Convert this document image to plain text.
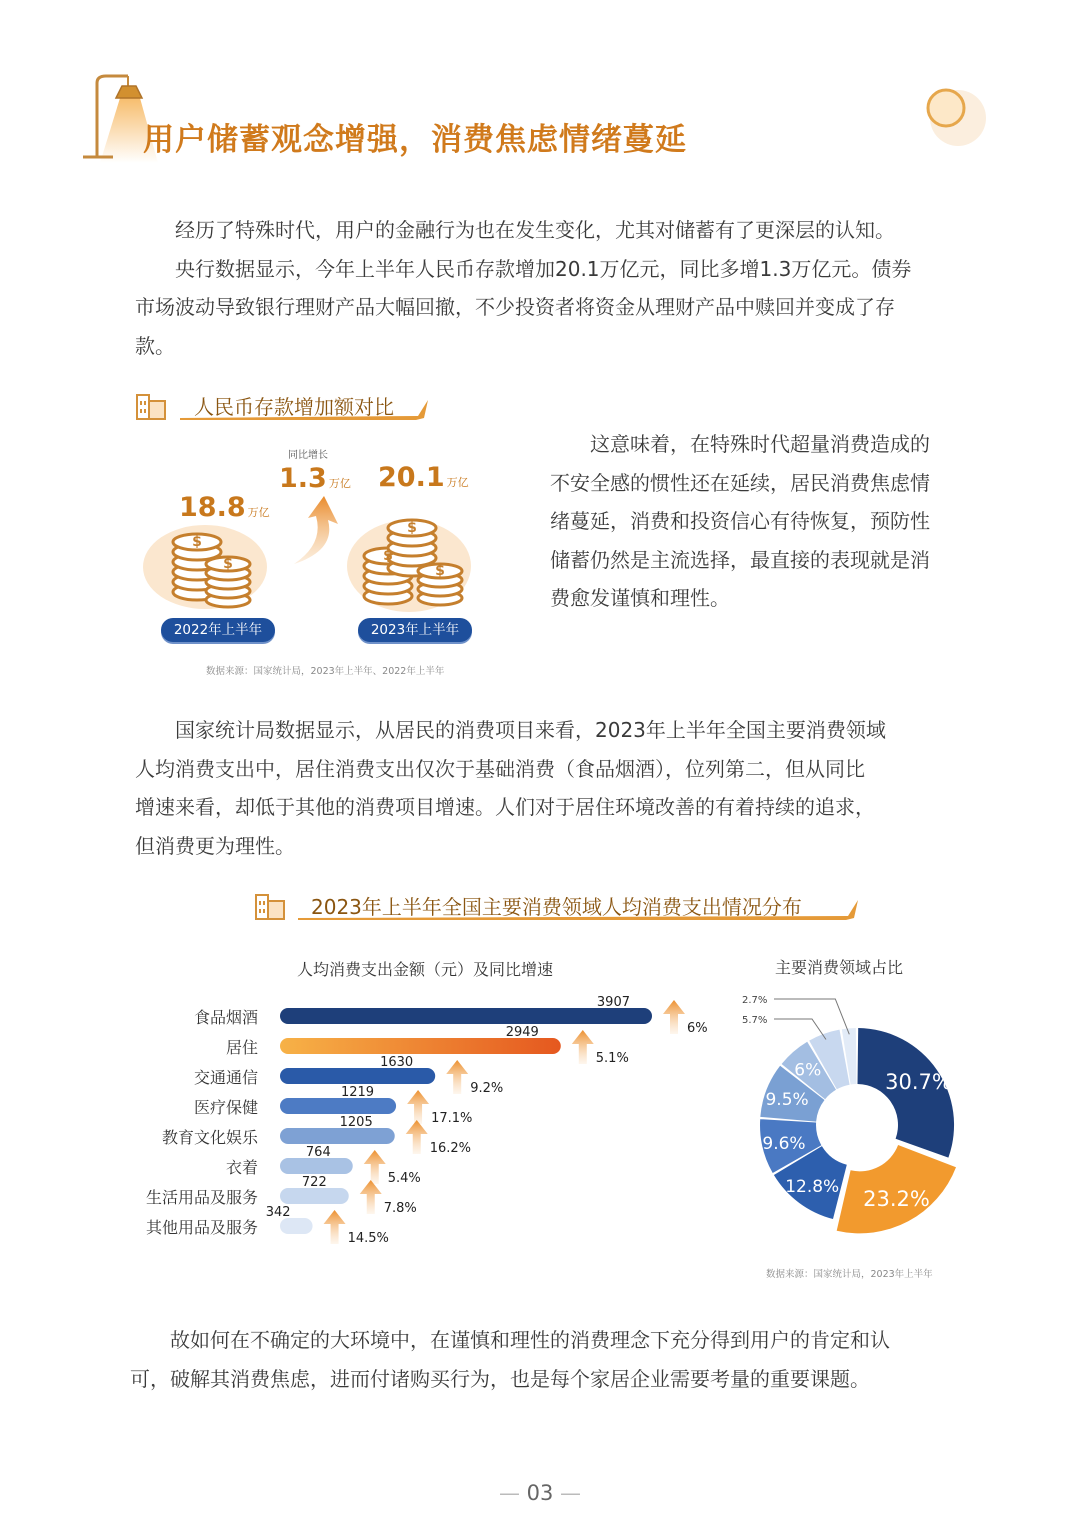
用户储蓄观念增强，消费焦虑情绪蔓延

经历了特殊时代，用户的金融行为也在发生变化，尤其对储蓄有了更深层的认知。

央行数据显示，今年上半年人民币存款增加20.1万亿元，同比多增1.3万亿元。债券

市场波动导致银行理财产品大幅回撤，不少投资者将资金从理财产品中赎回并变成了存

款。

人民币存款增加额对比
$
$
$
$
$
同比增长
1.3 万亿
18.8 万亿
20.1 万亿
2022年上半年	2023年上半年
数据来源：国家统计局，2023年上半年、2022年上半年

这意味着，在特殊时代超量消费造成的

不安全感的惯性还在延续，居民消费焦虑情

绪蔓延，消费和投资信心有待恢复，预防性

储蓄仍然是主流选择，最直接的表现就是消

费愈发谨慎和理性。

国家统计局数据显示，从居民的消费项目来看，2023年上半年全国主要消费领域

人均消费支出中，居住消费支出仅次于基础消费（食品烟酒），位列第二，但从同比

增速来看，却低于其他的消费项目增速。人们对于居住环境改善的有着持续的追求，

但消费更为理性。

2023年上半年全国主要消费领域人均消费支出情况分布
人均消费支出金额（元）及同比增速
食品烟酒
居住
交通通信
医疗保健
教育文化娱乐
衣着
生活用品及服务
其他用品及服务
3907
6%
2949
5.1%
1630
9.2%
1219
17.1%
1205
16.2%
764
5.4%
722
7.8%
342
14.5%
主要消费领域占比
30.7%
23.2%
12.8%
9.6%
9.5%
6%
5.7%
2.7%
数据来源：国家统计局，2023年上半年

故如何在不确定的大环境中，在谨慎和理性的消费理念下充分得到用户的肯定和认

可，破解其消费焦虑，进而付诸购买行为，也是每个家居企业需要考量的重要课题。

— 03 —
